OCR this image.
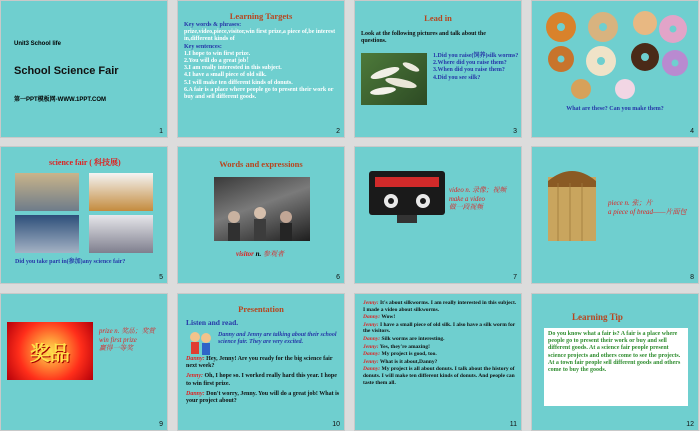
Unit3 School life
School Science Fair
第一PPT模板网-WWW.1PPT.COM
1
Learning Targets
Key words & phrases:
prize,video,piece,visitor,win first prize,a piece of,be interest in,different kinds of
Key sentences:
1.I hope to win first prize.
2.You will do a great job！
3.I am really interested in this subject.
4.I have a small piece of old silk.
5.I will make ten different kinds of donuts.
6.A fair is a place where people go to present their work or buy and sell different goods.
2
Lead in
Look at the following pictures and talk about the questions.
1.Did you raise(饲养)silk worms?
2.Where did you raise them?
3.When did you raise them?
4.Did you see silk?
3
What are these? Can you make them?
4
science fair ( 科技展)
Did you take part in(参加)any science fair?
5
Words and expressions
visitor n. 参观者
6
video n. 录像；视频
make a video
做一段视频
7
piece n. 张；片
a piece of bread——片面包
8
奖品
prize n. 奖品；奖赏
win first prize
赢得一等奖
9
Presentation
Listen and read.
Danny and Jenny are talking about their school science fair. They are very excited.
Danny: Hey, Jenny! Are you ready for the big science fair next week?
Jenny: Oh, I hope so. I worked really hard this year. I hope to win first prize.
Danny: Don't worry, Jenny. You will do a great job! What is your project about?
10
Jenny: It's about silkworms. I am really interested in this subject. I made a video about silkworms.
Danny: Wow!
Jenny: I have a small piece of old silk. I also have a silk worm for the visitors.
Danny: Silk worms are interesting.
Jenny: Yes, they're amazing!
Danny: My project is good, too.
Jenny: What is it about,Danny?
Danny: My project is all about donuts. I talk about the history of donuts. I will make ten different kinds of donuts. And people can taste them all.
11
Learning Tip
Do you know what a fair is? A fair is a place where people go to present their work or buy and sell different goods. At a science fair people present science projects and others come to see the projects. At a town fair people sell different goods and others come to buy the goods.
12
